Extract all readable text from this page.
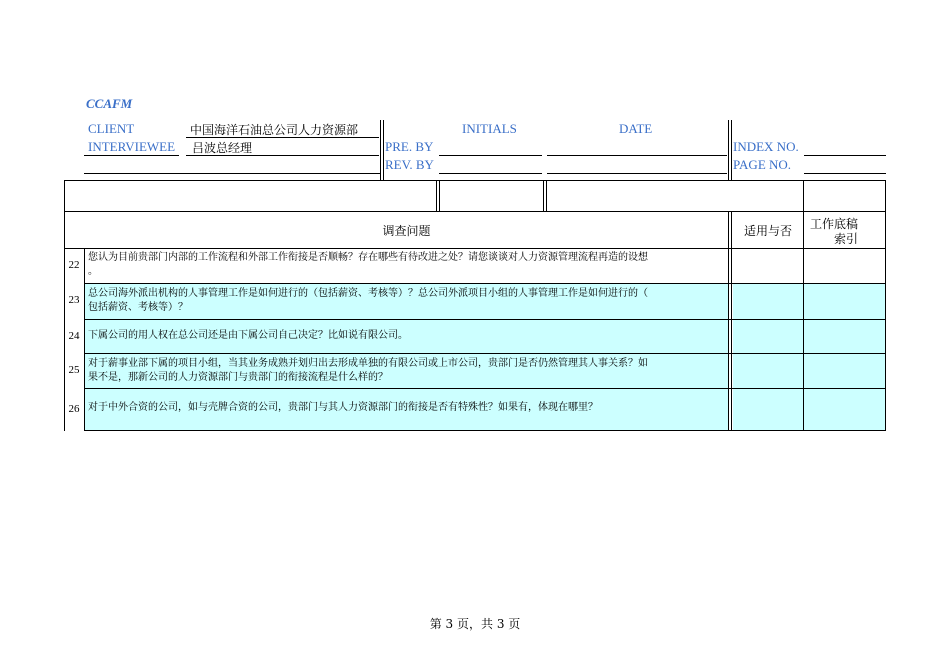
CCAFM
CLIENT	中国海洋石油总公司人力资源部
INTERVIEWEE 吕波总经理
INITIALS	DATE
PRE. BY
REV. BY
INDEX NO.
PAGE NO.
调查问题	适用与否	工作底稿
索引
22
您认为目前贵部门内部的工作流程和外部工作衔接是否顺畅？存在哪些有待改进之处？请您谈谈对人力资源管理流程再造的设想
。
23
总公司海外派出机构的人事管理工作是如何进行的（包括薪资、考核等）？总公司外派项目小组的人事管理工作是如何进行的（
包括薪资、考核等）？
24 下属公司的用人权在总公司还是由下属公司自己决定？比如说有限公司。
25
对于薪事业部下属的项目小组，当其业务成熟并划归出去形成单独的有限公司或上市公司，贵部门是否仍然管理其人事关系？如
果不是，那新公司的人力资源部门与贵部门的衔接流程是什么样的？
26 对于中外合资的公司，如与壳牌合资的公司，贵部门与其人力资源部门的衔接是否有特殊性？如果有，体现在哪里？
第 3 页，共 3 页
